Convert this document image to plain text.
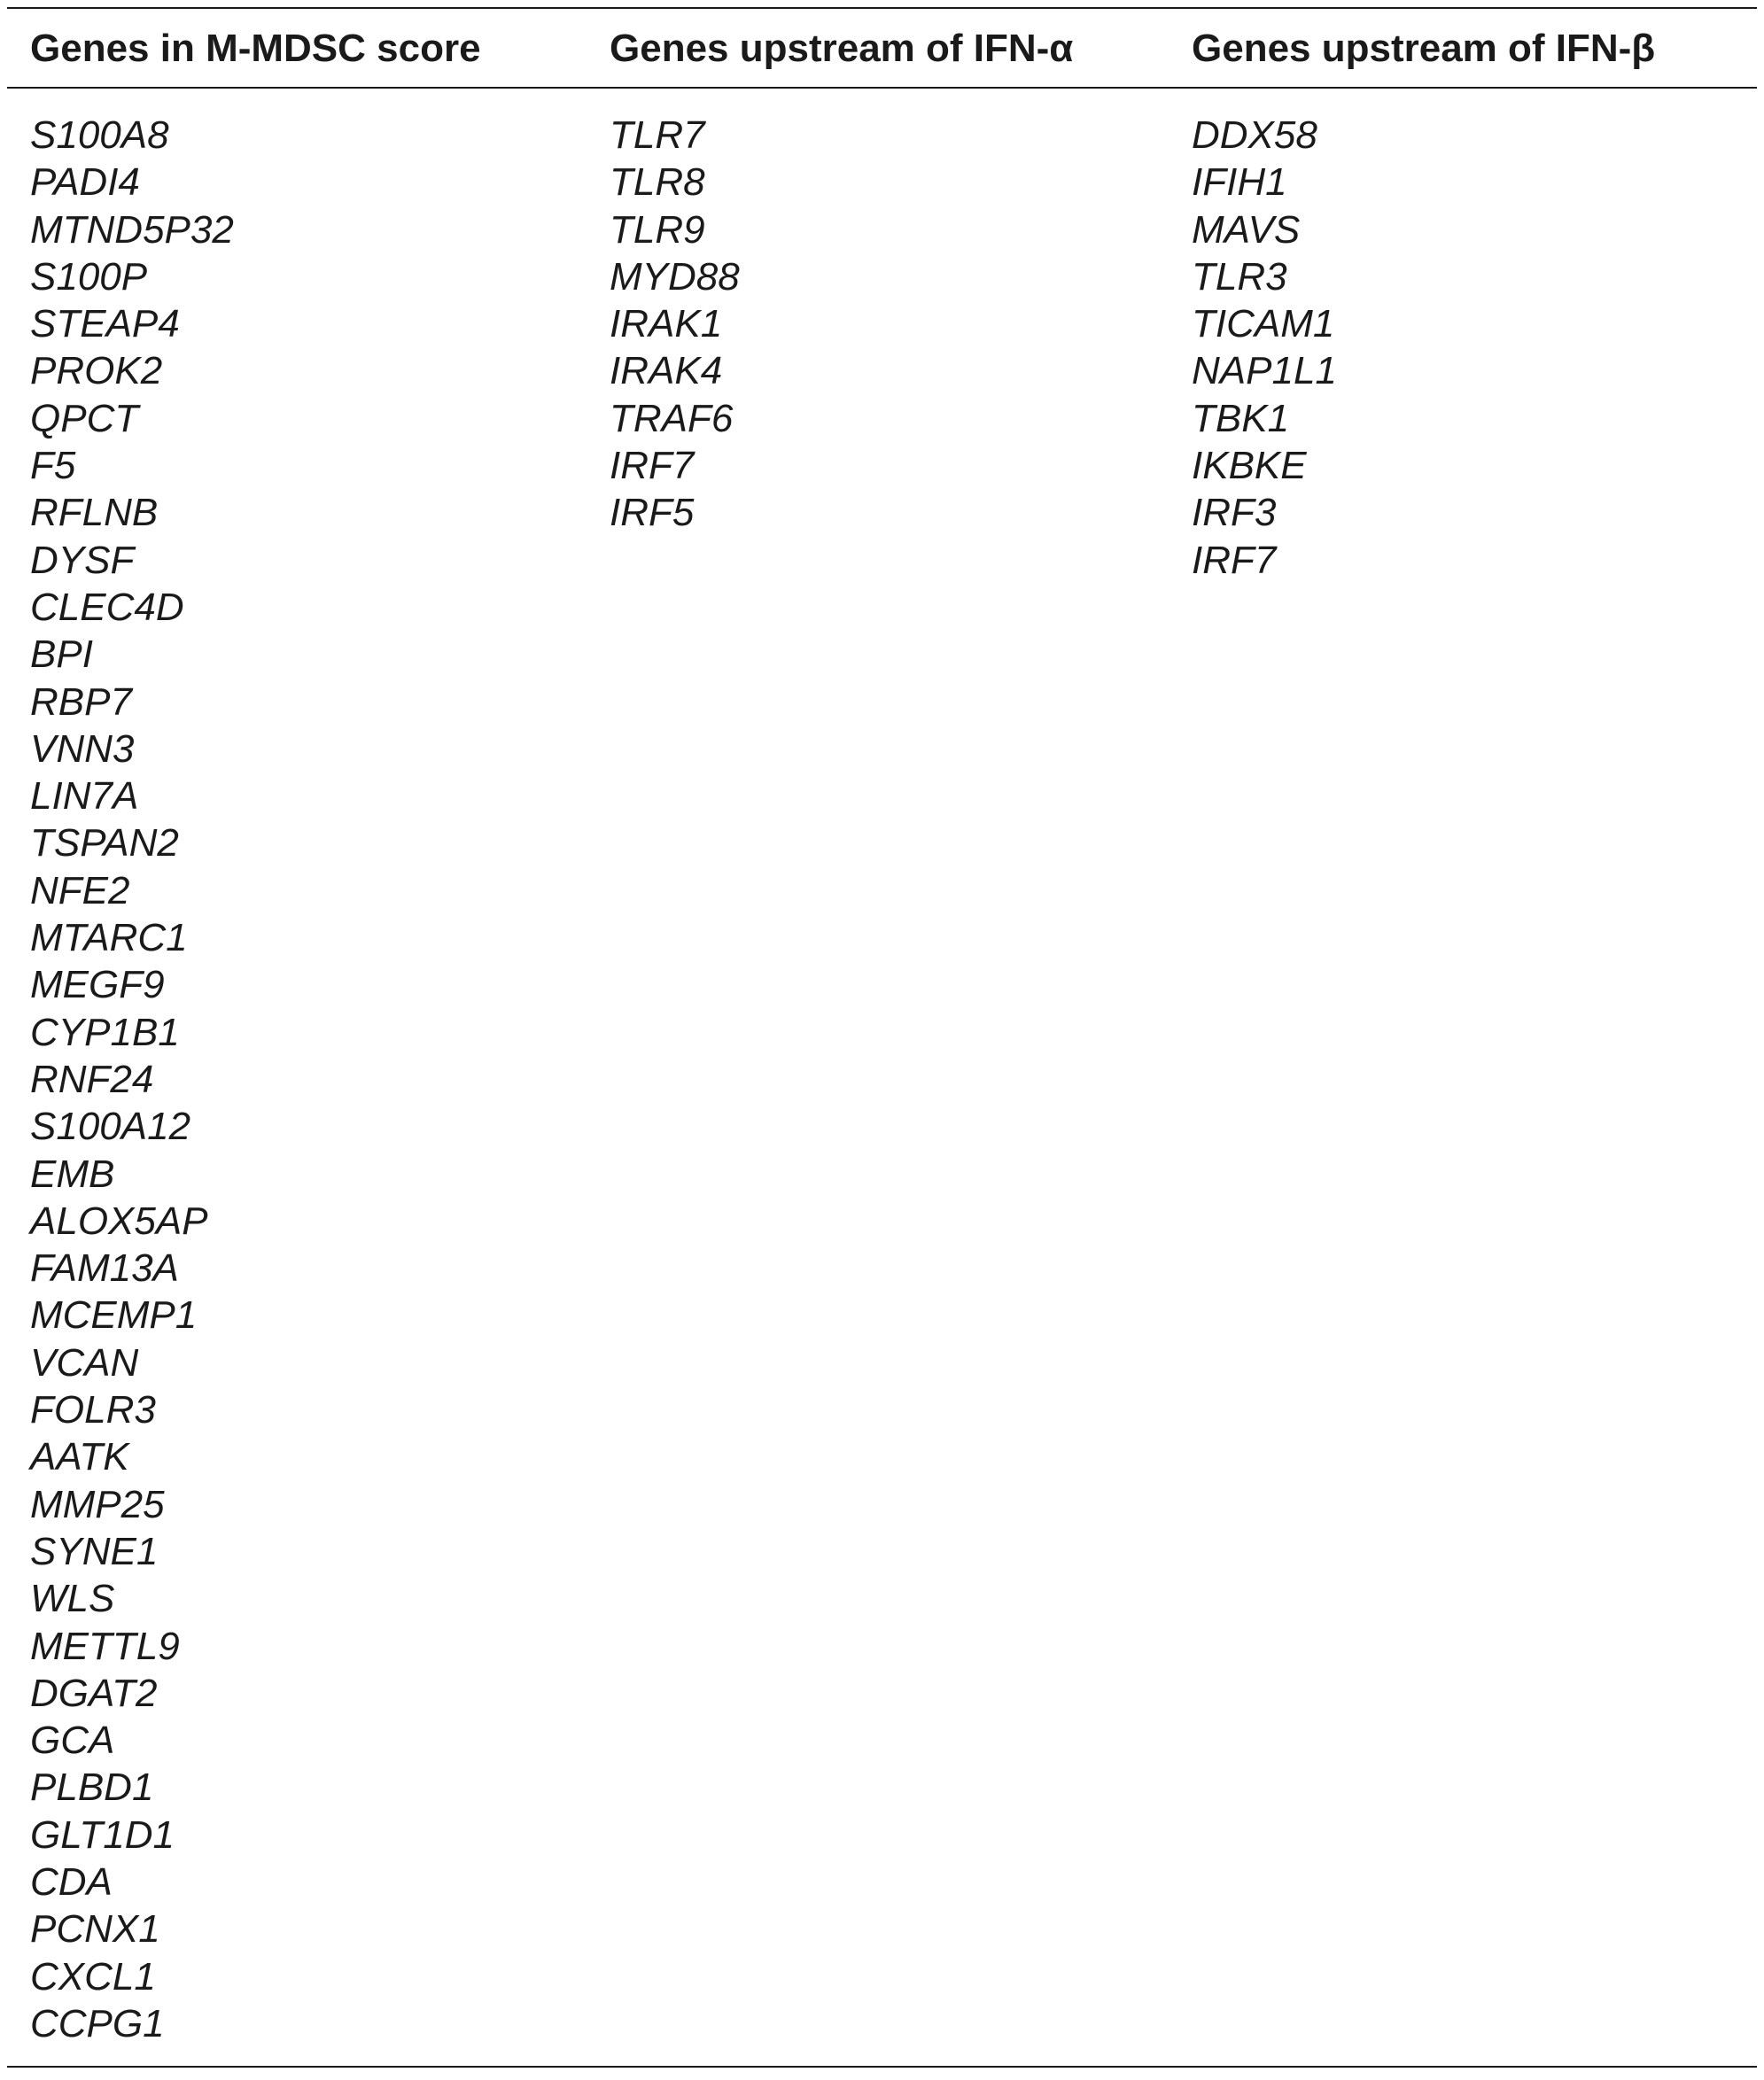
Genes in M-MDSC score	Genes upstream of IFN-α	Genes upstream of IFN-β
S100A8
PADI4
MTND5P32
S100P
STEAP4
PROK2
QPCT
F5
RFLNB
DYSF
CLEC4D
BPI
RBP7
VNN3
LIN7A
TSPAN2
NFE2
MTARC1
MEGF9
CYP1B1
RNF24
S100A12
EMB
ALOX5AP
FAM13A
MCEMP1
VCAN
FOLR3
AATK
MMP25
SYNE1
WLS
METTL9
DGAT2
GCA
PLBD1
GLT1D1
CDA
PCNX1
CXCL1
CCPG1
TLR7
TLR8
TLR9
MYD88
IRAK1
IRAK4
TRAF6
IRF7
IRF5
DDX58
IFIH1
MAVS
TLR3
TICAM1
NAP1L1
TBK1
IKBKE
IRF3
IRF7
